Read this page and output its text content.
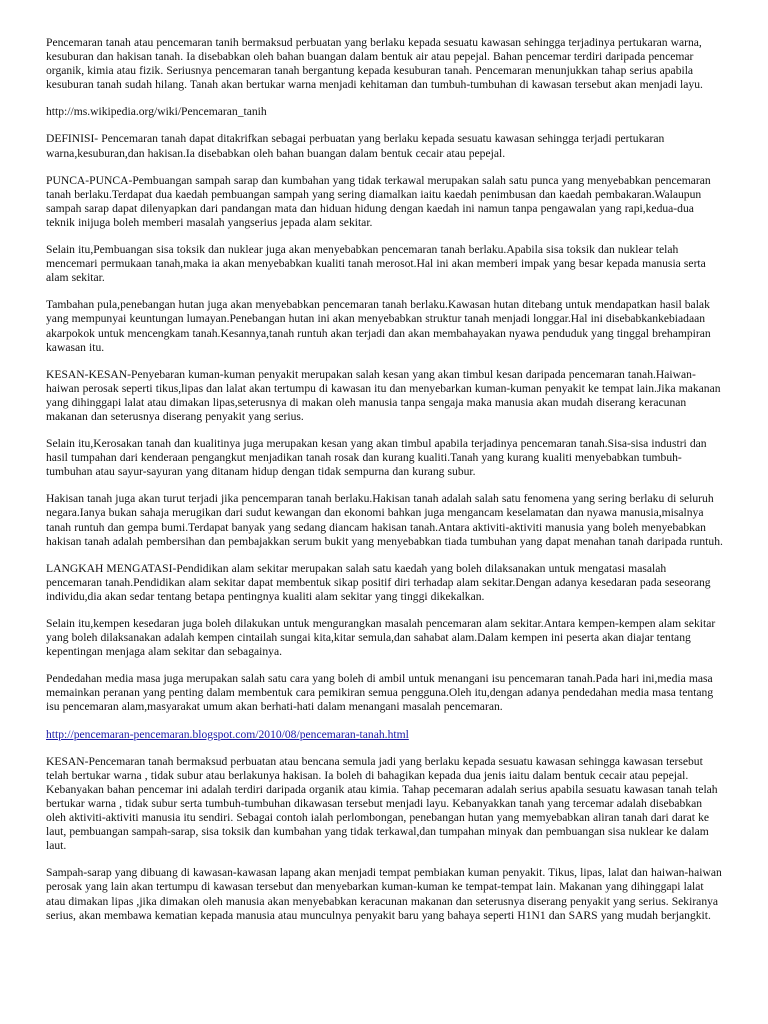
Pencemaran tanah atau pencemaran tanih bermaksud perbuatan yang berlaku kepada sesuatu kawasan sehingga terjadinya pertukaran warna, kesuburan dan hakisan tanah. Ia disebabkan oleh bahan buangan dalam bentuk air atau pepejal. Bahan pencemar terdiri daripada pencemar organik, kimia atau fizik. Seriusnya pencemaran tanah bergantung kepada kesuburan tanah. Pencemaran menunjukkan tahap serius apabila kesuburan tanah sudah hilang. Tanah akan bertukar warna menjadi kehitaman dan tumbuh-tumbuhan di kawasan tersebut akan menjadi layu.

http://ms.wikipedia.org/wiki/Pencemaran_tanih

DEFINISI- Pencemaran tanah dapat ditakrifkan sebagai perbuatan yang berlaku kepada sesuatu kawasan sehingga terjadi pertukaran warna,kesuburan,dan hakisan.Ia disebabkan oleh bahan buangan dalam bentuk cecair atau pepejal.

PUNCA-PUNCA-Pembuangan sampah sarap dan kumbahan yang tidak terkawal merupakan salah satu punca yang menyebabkan pencemaran tanah berlaku.Terdapat dua kaedah pembuangan sampah yang sering diamalkan iaitu kaedah penimbusan dan kaedah pembakaran.Walaupun sampah sarap dapat dilenyapkan dari pandangan mata dan hiduan hidung dengan kaedah ini namun tanpa pengawalan yang rapi,kedua-dua teknik inijuga boleh memberi masalah yangserius jepada alam sekitar.

Selain itu,Pembuangan sisa toksik dan nuklear juga akan menyebabkan pencemaran tanah berlaku.Apabila sisa toksik dan nuklear telah mencemari permukaan tanah,maka ia akan menyebabkan kualiti tanah merosot.Hal ini akan memberi impak yang besar kepada manusia serta alam sekitar.

Tambahan pula,penebangan hutan juga akan menyebabkan pencemaran tanah berlaku.Kawasan hutan ditebang untuk mendapatkan hasil balak yang mempunyai keuntungan lumayan.Penebangan hutan ini akan menyebabkan struktur tanah menjadi longgar.Hal ini disebabkankebiadaan akarpokok untuk mencengkam tanah.Kesannya,tanah runtuh akan terjadi dan akan membahayakan nyawa penduduk yang tinggal brehampiran kawasan itu.

KESAN-KESAN-Penyebaran kuman-kuman penyakit merupakan salah kesan yang akan timbul kesan daripada pencemaran tanah.Haiwan-haiwan perosak seperti tikus,lipas dan lalat akan tertumpu di kawasan itu dan menyebarkan kuman-kuman penyakit ke tempat lain.Jika makanan yang dihinggapi lalat atau dimakan lipas,seterusnya di makan oleh manusia tanpa sengaja maka manusia akan mudah diserang keracunan makanan dan seterusnya diserang penyakit yang serius.

Selain itu,Kerosakan tanah dan kualitinya juga merupakan kesan yang akan timbul apabila terjadinya pencemaran tanah.Sisa-sisa industri dan hasil tumpahan dari kenderaan pengangkut menjadikan tanah rosak dan kurang kualiti.Tanah yang kurang kualiti menyebabkan tumbuh-tumbuhan atau sayur-sayuran yang ditanam hidup dengan tidak sempurna dan kurang subur.

Hakisan tanah juga akan turut terjadi jika pencemparan tanah berlaku.Hakisan tanah adalah salah satu fenomena yang sering berlaku di seluruh negara.Ianya bukan sahaja merugikan dari sudut kewangan dan ekonomi bahkan juga mengancam keselamatan dan nyawa manusia,misalnya tanah runtuh dan gempa bumi.Terdapat banyak yang sedang diancam hakisan tanah.Antara aktiviti-aktiviti manusia yang boleh menyebabkan hakisan tanah adalah pembersihan dan pembajakkan serum bukit yang menyebabkan tiada tumbuhan yang dapat menahan tanah daripada runtuh.

LANGKAH MENGATASI-Pendidikan alam sekitar merupakan salah satu kaedah yang boleh dilaksanakan untuk mengatasi masalah pencemaran tanah.Pendidikan alam sekitar dapat membentuk sikap positif diri terhadap alam sekitar.Dengan adanya kesedaran pada seseorang individu,dia akan sedar tentang betapa pentingnya kualiti alam sekitar yang tinggi dikekalkan.

Selain itu,kempen kesedaran juga boleh dilakukan untuk mengurangkan masalah pencemaran alam sekitar.Antara kempen-kempen alam sekitar yang boleh dilaksanakan adalah kempen cintailah sungai kita,kitar semula,dan sahabat alam.Dalam kempen ini peserta akan diajar tentang kepentingan menjaga alam sekitar dan sebagainya.

Pendedahan media masa juga merupakan salah satu cara yang boleh di ambil untuk menangani isu pencemaran tanah.Pada hari ini,media masa memainkan peranan yang penting dalam membentuk cara pemikiran semua pengguna.Oleh itu,dengan adanya pendedahan media masa tentang isu pencemaran alam,masyarakat umum akan berhati-hati dalam menangani masalah pencemaran.

http://pencemaran-pencemaran.blogspot.com/2010/08/pencemaran-tanah.html

KESAN-Pencemaran tanah bermaksud perbuatan atau bencana semula jadi yang berlaku kepada sesuatu kawasan sehingga kawasan tersebut telah bertukar warna , tidak subur atau berlakunya hakisan. Ia boleh di bahagikan kepada dua jenis iaitu dalam bentuk cecair atau pepejal. Kebanyakan bahan pencemar ini adalah terdiri daripada organik atau kimia. Tahap pecemaran adalah serius apabila sesuatu kawasan tanah telah bertukar warna , tidak subur serta tumbuh-tumbuhan dikawasan tersebut menjadi layu. Kebanyakkan tanah yang tercemar adalah disebabkan oleh aktiviti-aktiviti manusia itu sendiri. Sebagai contoh ialah perlombongan, penebangan hutan yang memyebabkan aliran tanah dari darat ke laut, pembuangan sampah-sarap, sisa toksik dan kumbahan yang tidak terkawal,dan tumpahan minyak dan pembuangan sisa nuklear ke dalam laut.

Sampah-sarap yang dibuang di kawasan-kawasan lapang akan menjadi tempat pembiakan kuman penyakit. Tikus, lipas, lalat dan haiwan-haiwan perosak yang lain akan tertumpu di kawasan tersebut dan menyebarkan kuman-kuman ke tempat-tempat lain. Makanan yang dihinggapi lalat atau dimakan lipas ,jika dimakan oleh manusia akan menyebabkan keracunan makanan dan seterusnya diserang penyakit yang serius. Sekiranya serius, akan membawa kematian kepada manusia atau munculnya penyakit baru yang bahaya seperti H1N1 dan SARS yang mudah berjangkit.
